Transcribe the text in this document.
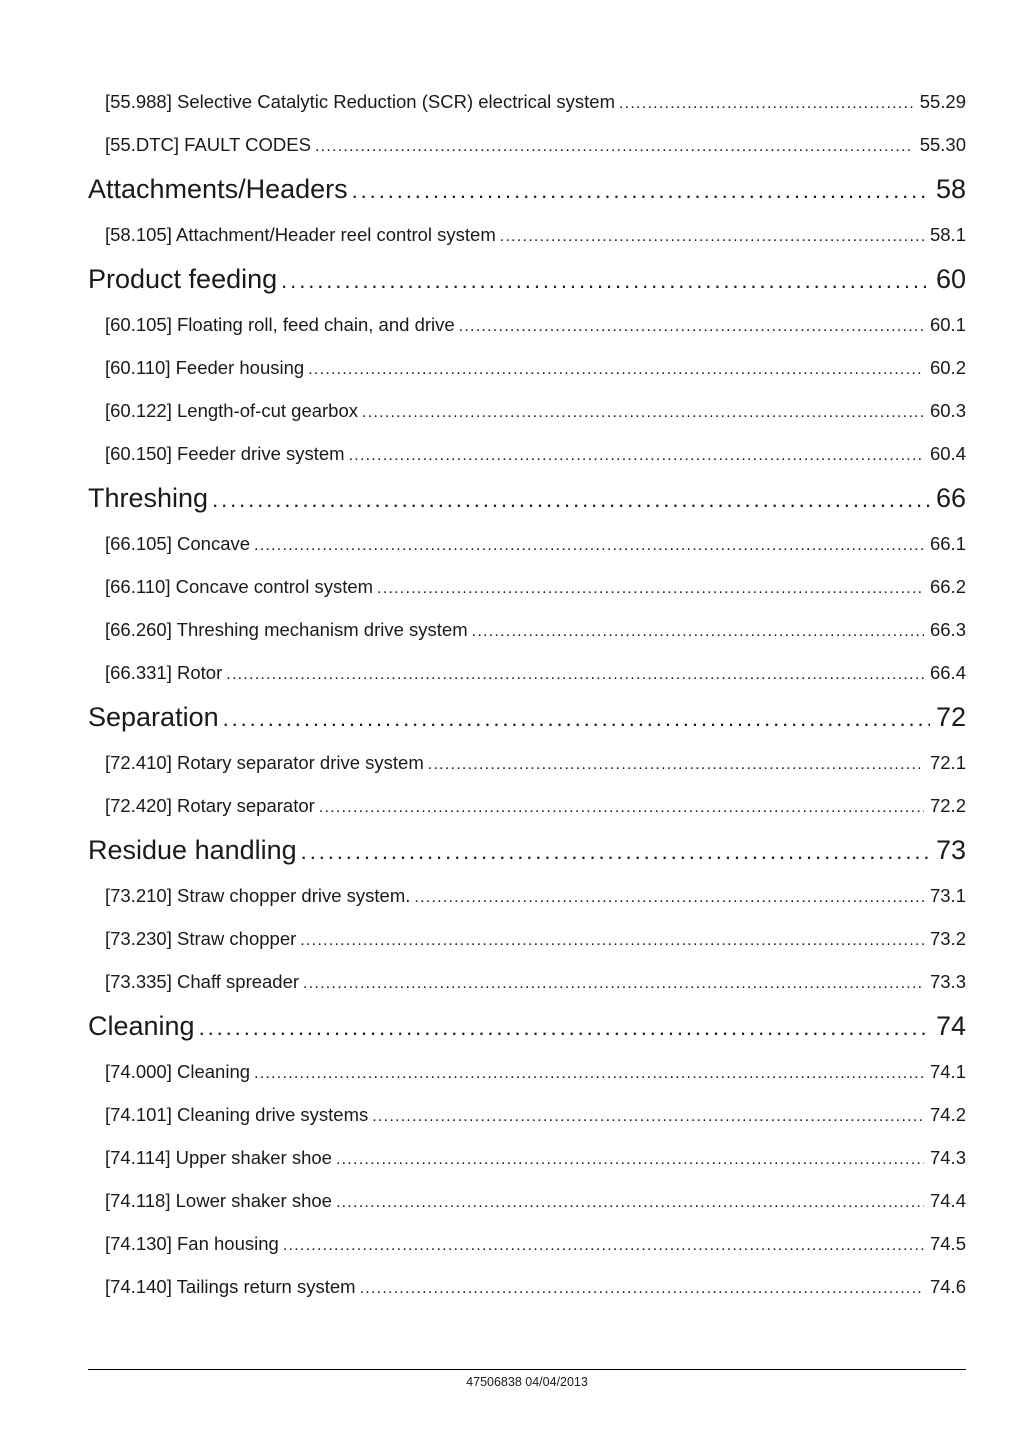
[55.988] Selective Catalytic Reduction (SCR) electrical system . . .	55.29
[55.DTC] FAULT CODES . . .	55.30
Attachments/Headers . . .	58
[58.105] Attachment/Header reel control system . . .	58.1
Product feeding . . .	60
[60.105] Floating roll, feed chain, and drive . . .	60.1
[60.110] Feeder housing . . .	60.2
[60.122] Length-of-cut gearbox . . .	60.3
[60.150] Feeder drive system . . .	60.4
Threshing . . .	66
[66.105] Concave . . .	66.1
[66.110] Concave control system . . .	66.2
[66.260] Threshing mechanism drive system . . .	66.3
[66.331] Rotor . . .	66.4
Separation . . .	72
[72.410] Rotary separator drive system . . .	72.1
[72.420] Rotary separator . . .	72.2
Residue handling . . .	73
[73.210] Straw chopper drive system. . . .	73.1
[73.230] Straw chopper . . .	73.2
[73.335] Chaff spreader . . .	73.3
Cleaning . . .	74
[74.000] Cleaning . . .	74.1
[74.101] Cleaning drive systems . . .	74.2
[74.114] Upper shaker shoe . . .	74.3
[74.118] Lower shaker shoe . . .	74.4
[74.130] Fan housing . . .	74.5
[74.140] Tailings return system . . .	74.6
47506838 04/04/2013
